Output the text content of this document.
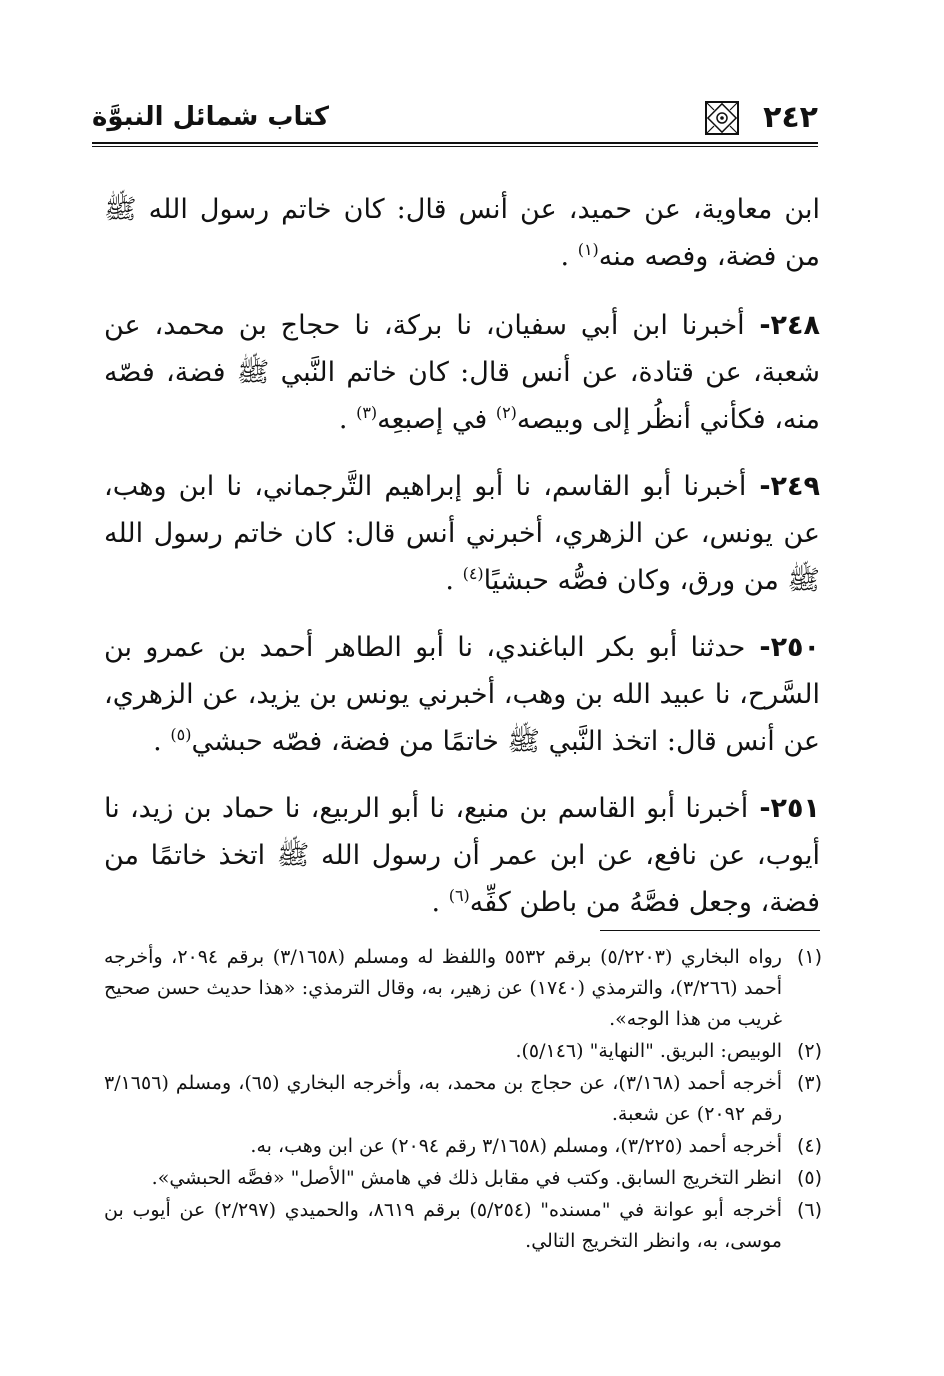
٢٤٢
كتاب شمائل النبوَّة

ابن معاوية، عن حميد، عن أنس قال: كان خاتم رسول الله ﷺ من فضة، وفصه منه$^{(١)}$ .

٢٤٨- أخبرنا ابن أبي سفيان، نا بركة، نا حجاج بن محمد، عن شعبة، عن قتادة، عن أنس قال: كان خاتم النَّبي ﷺ فضة، فصّه منه، فكأني أنظُر إلى وبيصه$^{(٢)}$ في إصبعِه$^{(٣)}$ .

٢٤٩- أخبرنا أبو القاسم، نا أبو إبراهيم التَّرجماني، نا ابن وهب، عن يونس، عن الزهري، أخبرني أنس قال: كان خاتم رسول الله ﷺ من ورق، وكان فصُّه حبشيًا$^{(٤)}$ .

٢٥٠- حدثنا أبو بكر الباغندي، نا أبو الطاهر أحمد بن عمرو بن السَّرح، نا عبيد الله بن وهب، أخبرني يونس بن يزيد، عن الزهري، عن أنس قال: اتخذ النَّبي ﷺ خاتمًا من فضة، فصّه حبشي$^{(٥)}$ .

٢٥١- أخبرنا أبو القاسم بن منيع، نا أبو الربيع، نا حماد بن زيد، نا أيوب، عن نافع، عن ابن عمر أن رسول الله ﷺ اتخذ خاتمًا من فضة، وجعل فصَّهُ من باطن كفِّه$^{(٦)}$ .

(١)
رواه البخاري (٥/٢٢٠٣) برقم ٥٥٣٢ واللفظ له ومسلم (٣/١٦٥٨) برقم ٢٠٩٤، وأخرجه أحمد (٣/٢٦٦)، والترمذي (١٧٤٠) عن زهير، به، وقال الترمذي: «هذا حديث حسن صحيح غريب من هذا الوجه».
(٢)
الوبيص: البريق. "النهاية" (٥/١٤٦).
(٣)
أخرجه أحمد (٣/١٦٨)، عن حجاج بن محمد، به، وأخرجه البخاري (٦٥)، ومسلم (٣/١٦٥٦ رقم ٢٠٩٢) عن شعبة.
(٤)
أخرجه أحمد (٣/٢٢٥)، ومسلم (٣/١٦٥٨ رقم ٢٠٩٤) عن ابن وهب، به.
(٥)
انظر التخريج السابق. وكتب في مقابل ذلك في هامش "الأصل" «فصَّه الحبشي».
(٦)
أخرجه أبو عوانة في "مسنده" (٥/٢٥٤) برقم ٨٦١٩، والحميدي (٢/٢٩٧) عن أيوب بن موسى، به، وانظر التخريج التالي.
